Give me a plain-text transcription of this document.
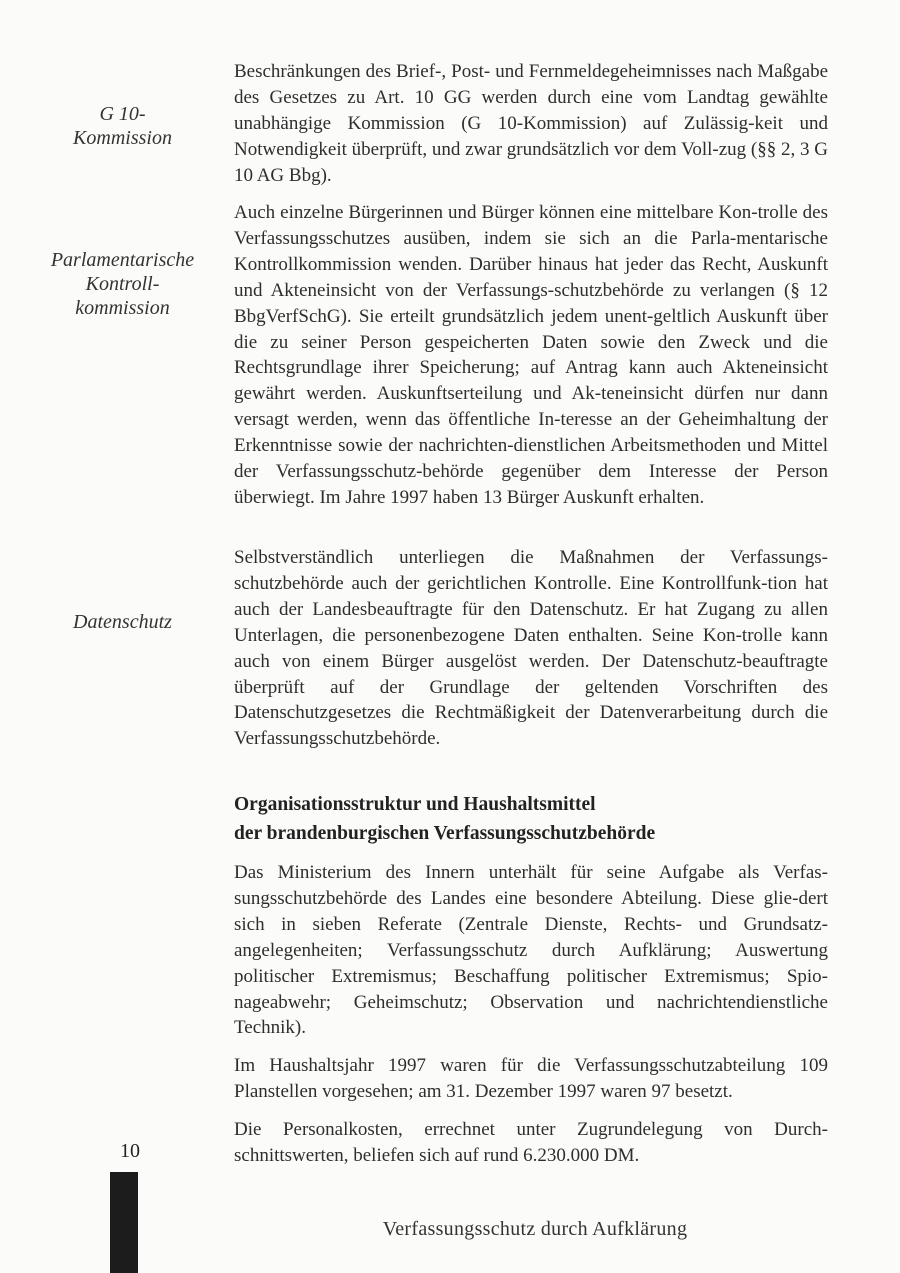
G 10-
Kommission
Parlamentarische
Kontroll-
kommission
Datenschutz

Beschränkungen des Brief-, Post- und Fernmeldegeheimnisses nach Maßgabe des Gesetzes zu Art. 10 GG werden durch eine vom Landtag gewählte unabhängige Kommission (G 10-Kommission) auf Zulässig-keit und Notwendigkeit überprüft, und zwar grundsätzlich vor dem Voll-zug (§§ 2, 3 G 10 AG Bbg).

Auch einzelne Bürgerinnen und Bürger können eine mittelbare Kon-trolle des Verfassungsschutzes ausüben, indem sie sich an die Parla-mentarische Kontrollkommission wenden. Darüber hinaus hat jeder das Recht, Auskunft und Akteneinsicht von der Verfassungs-schutzbehörde zu verlangen (§ 12 BbgVerfSchG). Sie erteilt grundsätzlich jedem unent-geltlich Auskunft über die zu seiner Person gespeicherten Daten sowie den Zweck und die Rechtsgrundlage ihrer Speicherung; auf Antrag kann auch Akteneinsicht gewährt werden. Auskunftserteilung und Ak-teneinsicht dürfen nur dann versagt werden, wenn das öffentliche In-teresse an der Geheimhaltung der Erkenntnisse sowie der nachrichten-dienstlichen Arbeitsmethoden und Mittel der Verfassungsschutz-behörde gegenüber dem Interesse der Person überwiegt. Im Jahre 1997 haben 13 Bürger Auskunft erhalten.

Selbstverständlich unterliegen die Maßnahmen der Verfassungs-schutzbehörde auch der gerichtlichen Kontrolle. Eine Kontrollfunk-tion hat auch der Landesbeauftragte für den Datenschutz. Er hat Zugang zu allen Unterlagen, die personenbezogene Daten enthalten. Seine Kon-trolle kann auch von einem Bürger ausgelöst werden. Der Datenschutz-beauftragte überprüft auf der Grundlage der geltenden Vorschriften des Datenschutzgesetzes die Rechtmäßigkeit der Datenverarbeitung durch die Verfassungsschutzbehörde.

Organisationsstruktur und Haushaltsmittel
der brandenburgischen Verfassungsschutzbehörde

Das Ministerium des Innern unterhält für seine Aufgabe als Verfas-sungsschutzbehörde des Landes eine besondere Abteilung. Diese glie-dert sich in sieben Referate (Zentrale Dienste, Rechts- und Grundsatz-angelegenheiten; Verfassungsschutz durch Aufklärung; Auswertung politischer Extremismus; Beschaffung politischer Extremismus; Spio-nageabwehr; Geheimschutz; Observation und nachrichtendienstliche Technik).

Im Haushaltsjahr 1997 waren für die Verfassungsschutzabteilung 109 Planstellen vorgesehen; am 31. Dezember 1997 waren 97 besetzt.

Die Personalkosten, errechnet unter Zugrundelegung von Durch-schnittswerten, beliefen sich auf rund 6.230.000 DM.

10
Verfassungsschutz durch Aufklärung
